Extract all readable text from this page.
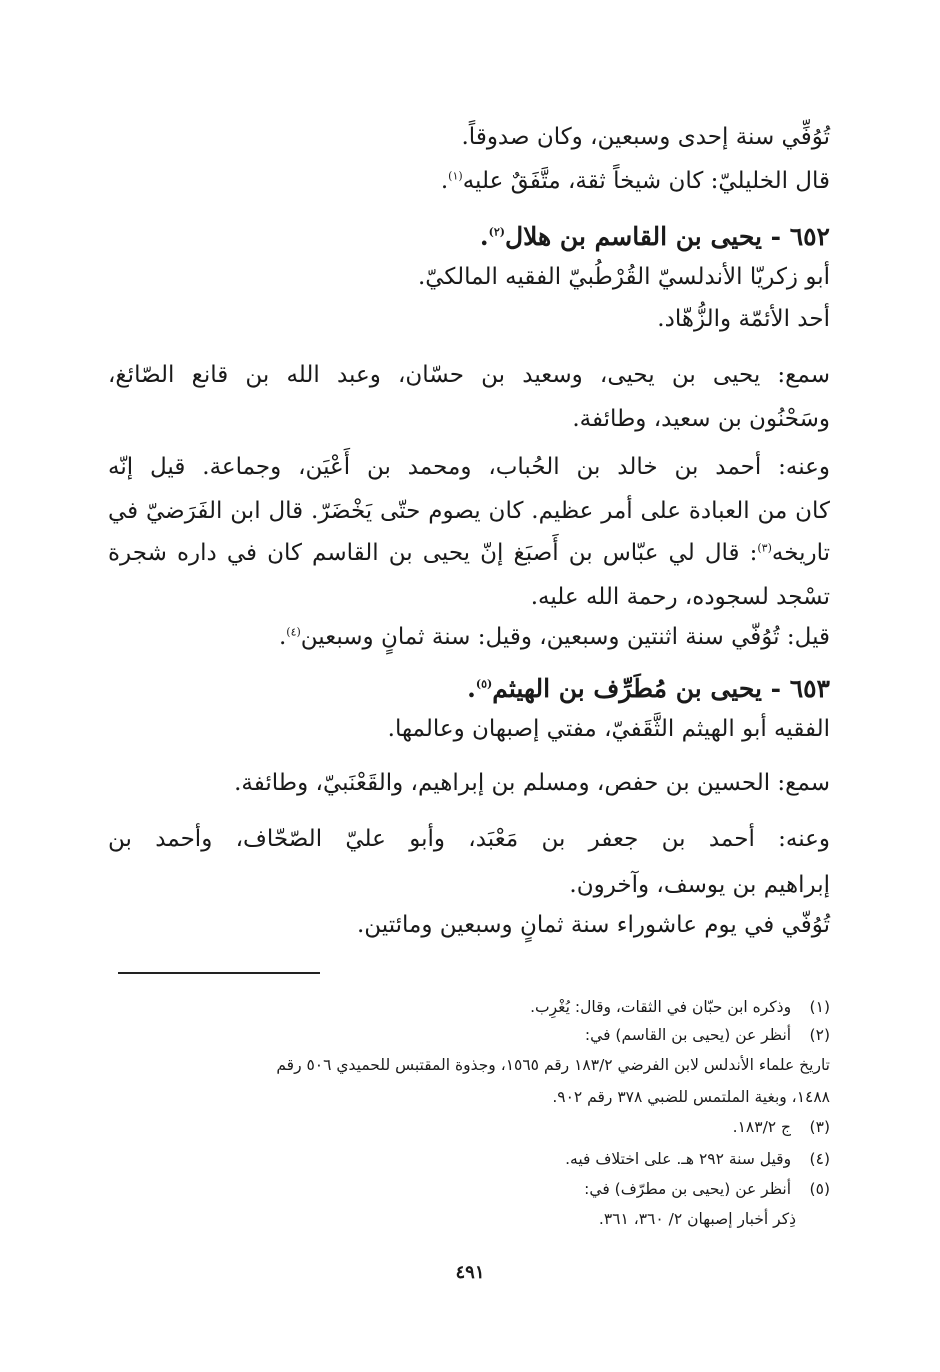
تُوُفِّي سنة إحدى وسبعين، وكان صدوقاً.
قال الخليليّ: كان شيخاً ثقة، متَّفَقٌ عليه$^{(١)}$.
٦٥٢ - يحيى بن القاسم بن هلال$^{(٢)}$.
أبو زكريّا الأندلسيّ القُرْطُبيّ الفقيه المالكيّ.
أحد الأئمّة والزُّهّاد.
سمع: يحيى بن يحيى، وسعيد بن حسّان، وعبد الله بن قانع الصّائغ،
وسَحْنُون بن سعيد، وطائفة.
وعنه: أحمد بن خالد بن الحُباب، ومحمد بن أَعْيَن، وجماعة. قيل إنّه
كان من العبادة على أمر عظيم. كان يصوم حتّى يَخْضَرّ. قال ابن الفَرَضيّ في
تاريخه$^{(٣)}$: قال لي عبّاس بن أَصبَغ إنّ يحيى بن القاسم كان في داره شجرة
تسْجد لسجوده، رحمة الله عليه.
قيل: تُوُفّي سنة اثنتين وسبعين، وقيل: سنة ثمانٍ وسبعين$^{(٤)}$.
٦٥٣ - يحيى بن مُطَرِّف بن الهيثم$^{(٥)}$.
الفقيه أبو الهيثم الثَّقَفيّ، مفتي إصبهان وعالمها.
سمع: الحسين بن حفص، ومسلم بن إبراهيم، والقَعْنَبيّ، وطائفة.
وعنه: أحمد بن جعفر بن مَعْبَد، وأبو عليّ الصّحّاف، وأحمد بن
إبراهيم بن يوسف، وآخرون.
تُوُفّي في يوم عاشوراء سنة ثمانٍ وسبعين ومائتين.
(١) وذكره ابن حبّان في الثقات، وقال: يُغْرِب.
(٢) أنظر عن (يحيى بن القاسم) في:
تاريخ علماء الأندلس لابن الفرضي ١٨٣/٢ رقم ١٥٦٥، وجذوة المقتبس للحميدي ٥٠٦ رقم
١٤٨٨، وبغية الملتمس للضبي ٣٧٨ رقم ٩٠٢.
(٣) ج ١٨٣/٢.
(٤) وقيل سنة ٢٩٢ هـ. على اختلاف فيه.
(٥) أنظر عن (يحيى بن مطرّف) في:
ذِكر أخبار إصبهان ٢/ ٣٦٠، ٣٦١.
٤٩١
